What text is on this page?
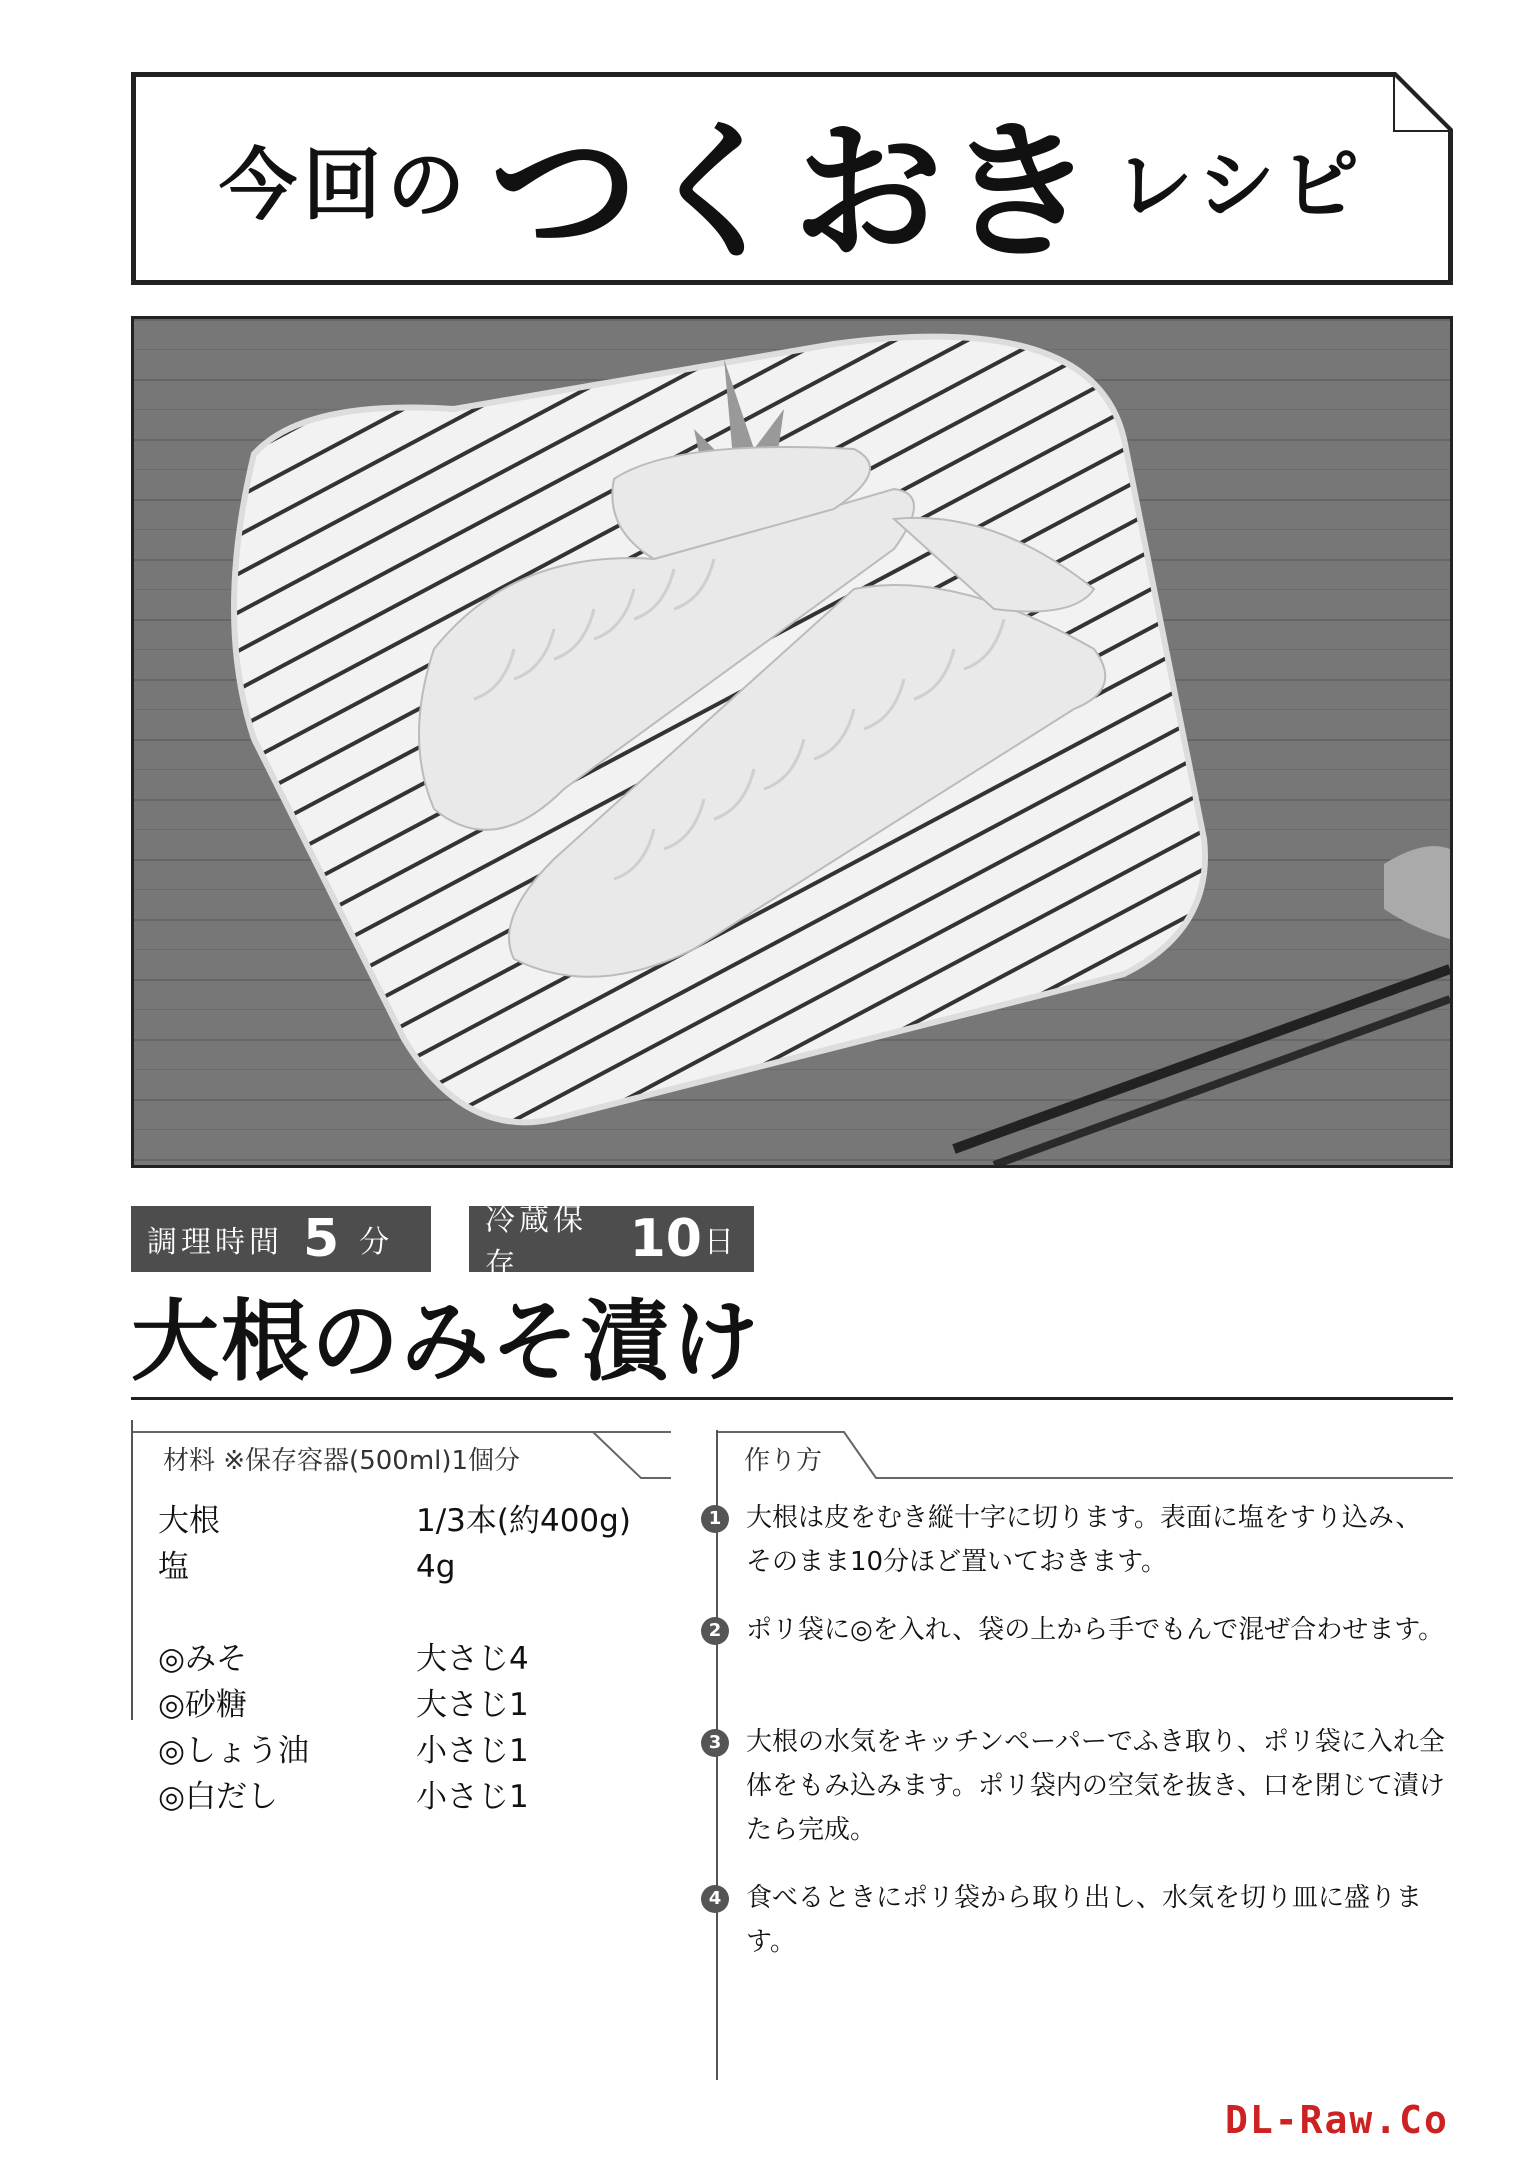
今回の つくおき レシピ
調理時間 5 分
冷蔵保存	10 日
大根のみそ漬け
材料 ※保存容器(500ml)1個分
大根	1/3本(約400g)
塩	4g
◎みそ	大さじ4
◎砂糖	大さじ1
◎しょう油	小さじ1
◎白だし	小さじ1
作り方
1 大根は皮をむき縦十字に切ります。表面に塩をすり込み、そのまま10分ほど置いておきます。
2 ポリ袋に◎を入れ、袋の上から手でもんで混ぜ合わせます。
3 大根の水気をキッチンペーパーでふき取り、ポリ袋に入れ全体をもみ込みます。ポリ袋内の空気を抜き、口を閉じて漬けたら完成。
4 食べるときにポリ袋から取り出し、水気を切り皿に盛ります。
DL-Raw.Co
